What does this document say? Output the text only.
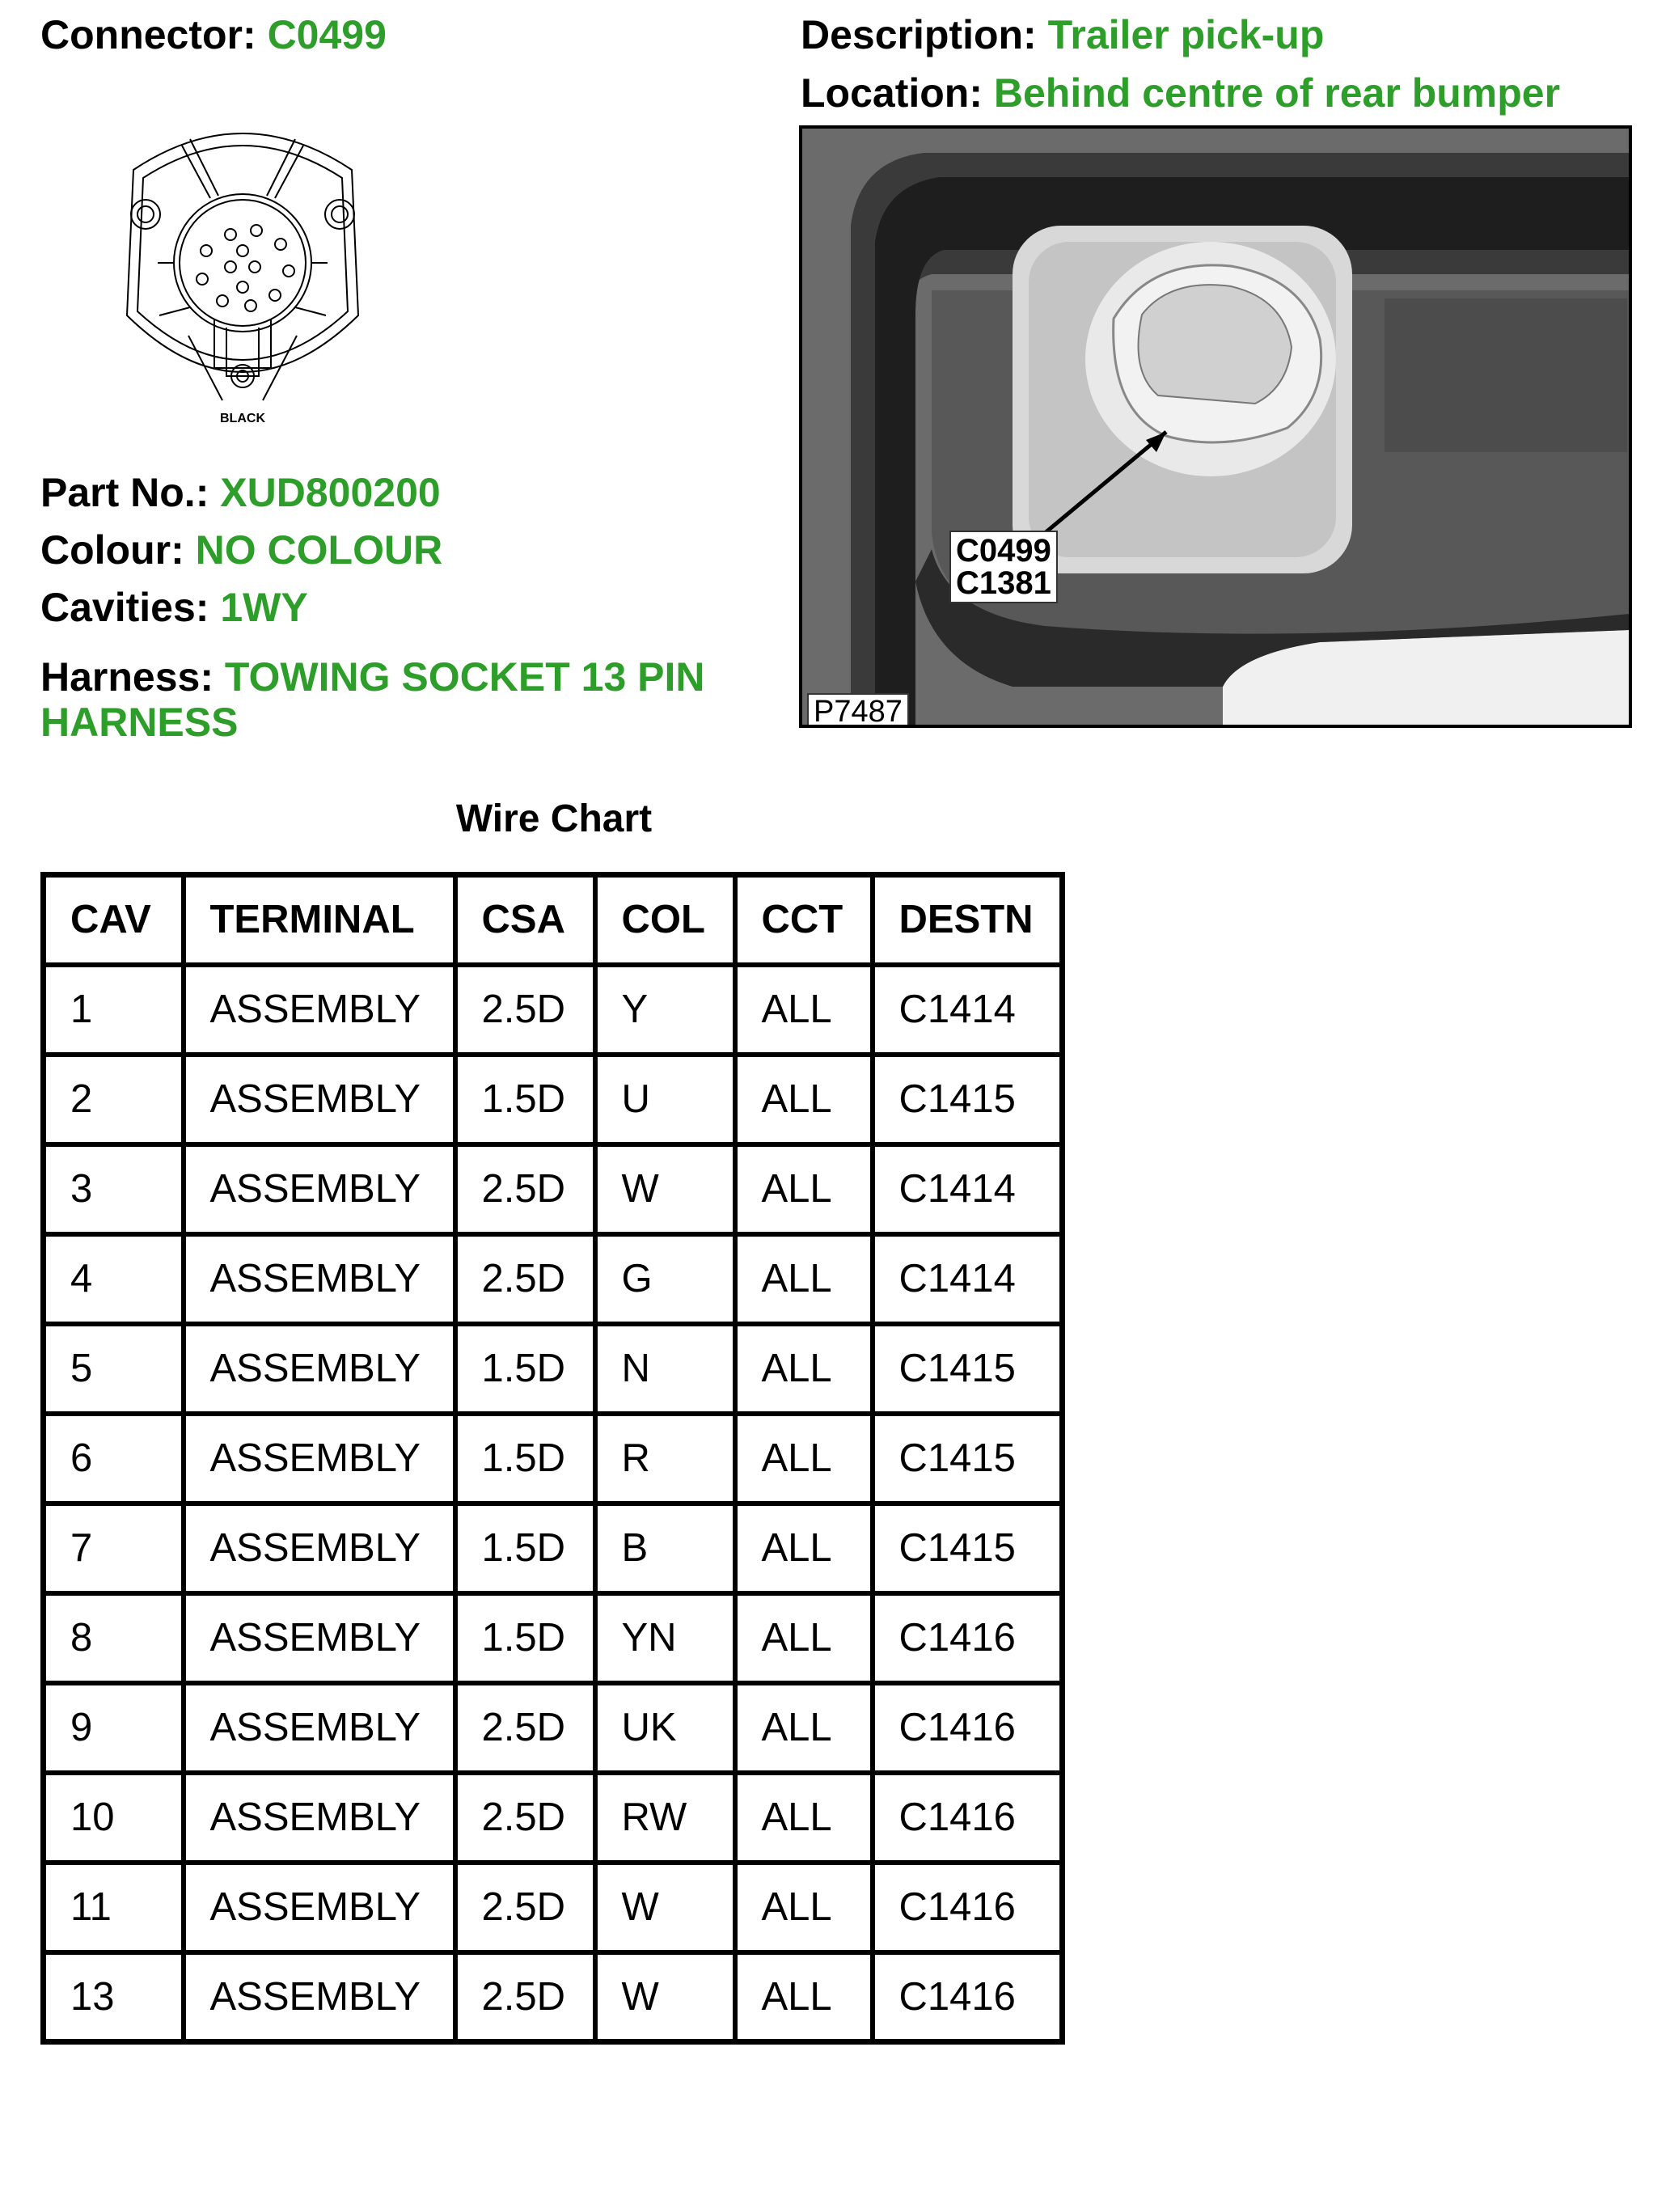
Connector: C0499	Description: Trailer pick-up
Location: Behind centre of rear bumper
BLACK
Part No.: XUD800200
Colour: NO COLOUR
Cavities: 1WY
Harness: TOWING SOCKET 13 PIN
HARNESS
C0499
C1381
P7487
Wire Chart
CAV	TERMINAL	CSA	COL	CCT	DESTN
1	ASSEMBLY	2.5D	Y	ALL	C1414
2	ASSEMBLY	1.5D	U	ALL	C1415
3	ASSEMBLY	2.5D	W	ALL	C1414
4	ASSEMBLY	2.5D	G	ALL	C1414
5	ASSEMBLY	1.5D	N	ALL	C1415
6	ASSEMBLY	1.5D	R	ALL	C1415
7	ASSEMBLY	1.5D	B	ALL	C1415
8	ASSEMBLY	1.5D	YN	ALL	C1416
9	ASSEMBLY	2.5D	UK	ALL	C1416
10	ASSEMBLY	2.5D	RW	ALL	C1416
11	ASSEMBLY	2.5D	W	ALL	C1416
13	ASSEMBLY	2.5D	W	ALL	C1416
